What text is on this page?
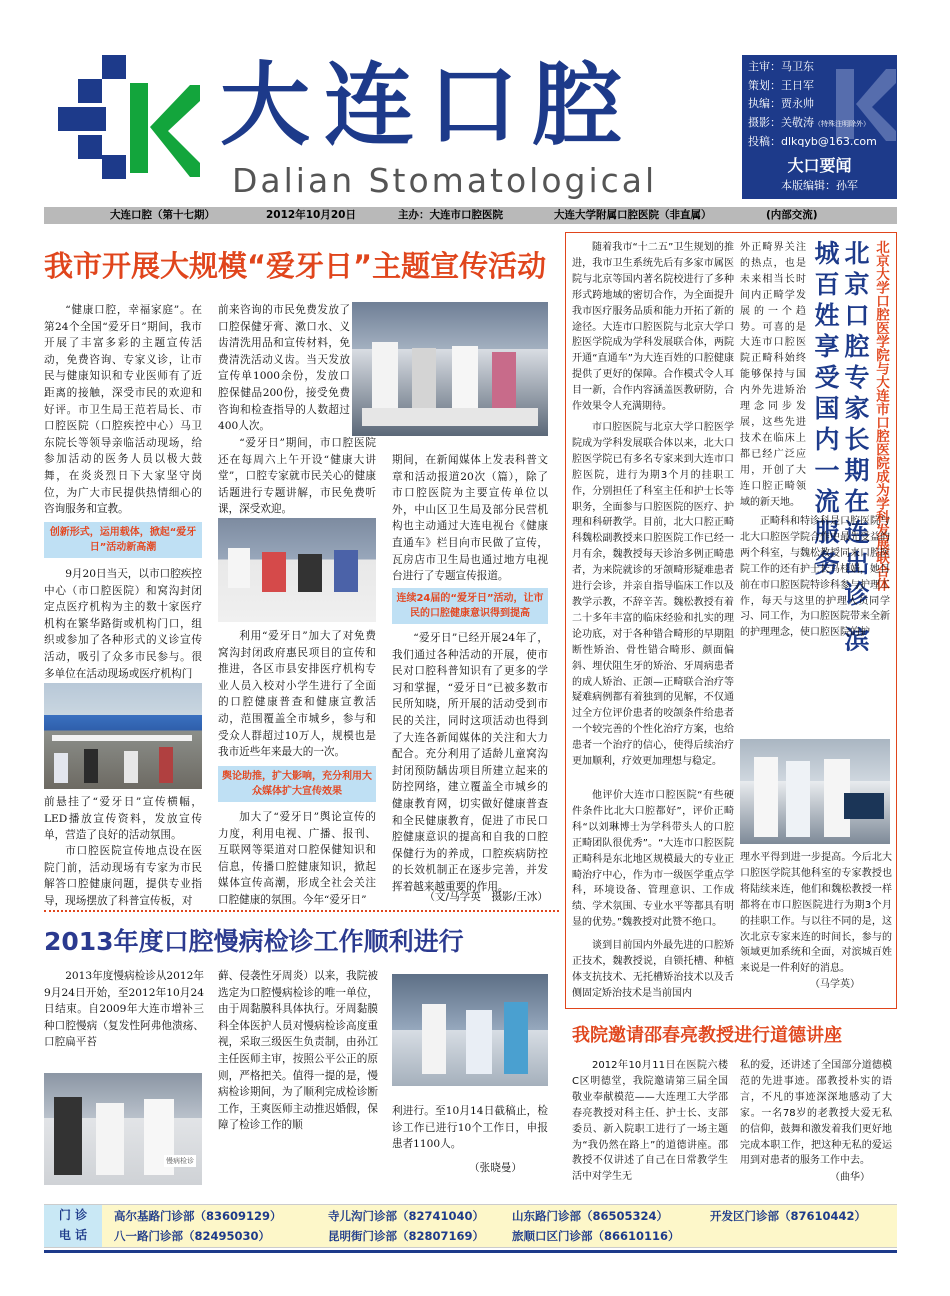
大连口腔
Dalian Stomatological
主审：马卫东
策划：王日军
执编：贾永帅
摄影：关敬涛（特殊注明除外）
投稿：dlkqyb@163.com
大口要闻
本版编辑：孙军
大连口腔（第十七期）	2012年10月20日	主办：大连市口腔医院	大连大学附属口腔医院（非直属）	(内部交流)
我市开展大规模“爱牙日”主题宣传活动

“健康口腔，幸福家庭”。在第24个全国“爱牙日”期间，我市开展了丰富多彩的主题宣传活动，免费咨询、专家义诊，让市民与健康知识和专业医师有了近距离的接触，深受市民的欢迎和好评。市卫生局王范若局长、市口腔医院（口腔疾控中心）马卫东院长等领导亲临活动现场，给参加活动的医务人员以极大鼓舞，在炎炎烈日下大家坚守岗位，为广大市民提供热情细心的咨询服务和宣教。

创新形式，运用载体，掀起“爱牙日”活动新高潮

9月20日当天，以市口腔疾控中心（市口腔医院）和窝沟封闭定点医疗机构为主的数十家医疗机构在繁华路街或机构门口，组织或参加了各种形式的义诊宣传活动，吸引了众多市民参与。很多单位在活动现场或医疗机构门

前悬挂了“爱牙日”宣传横幅，LED播放宣传资料，发放宣传单，营造了良好的活动氛围。

市口腔医院宣传地点设在医院门前，活动现场有专家为市民解答口腔健康问题，提供专业指导，现场摆放了科普宣传板，对

前来咨询的市民免费发放了口腔保健牙膏、漱口水、义齿清洗用品和宣传材料，免费清洗活动义齿。当天发放宣传单1000余份，发放口腔保健品200份，接受免费咨询和检查指导的人数超过400人次。

“爱牙日”期间，市口腔医院还在每周六上午开设“健康大讲堂”，口腔专家就市民关心的健康话题进行专题讲解，市民免费听课，深受欢迎。

利用“爱牙日”加大了对免费窝沟封闭政府惠民项目的宣传和推进，各区市县安排医疗机构专业人员入校对小学生进行了全面的口腔健康普查和健康宣教活动，范围覆盖全市城乡，参与和受众人群超过10万人，规模也是我市近些年来最大的一次。

舆论助推，扩大影响，充分利用大众媒体扩大宣传效果

加大了“爱牙日”舆论宣传的力度，利用电视、广播、报刊、互联网等渠道对口腔保健知识和信息，传播口腔健康知识，掀起媒体宣传高潮，形成全社会关注口腔健康的氛围。今年“爱牙日”

期间，在新闻媒体上发表科普文章和活动报道20次（篇），除了市口腔医院为主要宣传单位以外，中山区卫生局及部分民营机构也主动通过大连电视台《健康直通车》栏目向市民做了宣传，瓦房店市卫生局也通过地方电视台进行了专题宣传报道。
连续24届的“爱牙日”活动，让市民的口腔健康意识得到提高

“爱牙日”已经开展24年了，我们通过各种活动的开展，使市民对口腔科普知识有了更多的学习和掌握，“爱牙日”已被多数市民所知晓，所开展的活动受到市民的关注，同时这项活动也得到了大连各新闻媒体的关注和大力配合。充分利用了适龄儿童窝沟封闭预防龋齿项目所建立起来的防控网络，建立覆盖全市城乡的健康教育网，切实做好健康普查和全民健康教育，促进了市民口腔健康意识的提高和自我的口腔保健行为的养成，口腔疾病防控的长效机制正在逐步完善，并发挥着越来越重要的作用。

（文/马学英　摄影/王冰）
2013年度口腔慢病检诊工作顺利进行

2013年度慢病检诊从2012年9月24日开始，至2012年10月24日结束。自2009年大连市增补三种口腔慢病（复发性阿弗他溃疡、口腔扁平苔

慢病检诊
藓、侵袭性牙周炎）以来，我院被选定为口腔慢病检诊的唯一单位，由于周黏膜科具体执行。牙周黏膜科全体医护人员对慢病检诊高度重视，采取三级医生负责制，由孙江主任医师主审，按照公平公正的原则，严格把关。值得一提的是，慢病检诊期间，为了顺利完成检诊断工作，王爽医师主动推迟婚假，保障了检诊工作的顺
利进行。至10月14日截稿止，检诊工作已进行10个工作日，申报患者1100人。
（张晓曼）

随着我市“十二五”卫生规划的推进，我市卫生系统先后有多家市属医院与北京等国内著名院校进行了多种形式跨地域的密切合作，为全面提升我市医疗服务品质和能力开拓了新的途径。大连市口腔医院与北京大学口腔医学院成为学科发展联合体，两院开通“直通车”为大连百姓的口腔健康提供了更好的保障。合作模式令人耳目一新，合作内容涵盖医教研防，合作效果令人充满期待。

市口腔医院与北京大学口腔医学院成为学科发展联合体以来，北大口腔医学院已有多名专家来到大连市口腔医院，进行为期3个月的挂职工作，分别担任了科室主任和护士长等职务，全面参与口腔医院的医疗、护理和科研教学。目前，北大口腔正畸科魏松副教授来口腔医院工作已经一月有余，魏教授每天诊治多例正畸患者，为来院就诊的牙颌畸形疑难患者进行会诊，并亲自指导临床工作以及教学示教，不辞辛苦。魏松教授有着二十多年丰富的临床经验和扎实的理论功底，对于各种错合畸形的早期阻断性矫治、骨性错合畸形、颜面偏斜、埋伏阻生牙的矫治、牙周病患者的成人矫治、正颌—正畸联合治疗等疑难病例都有着独到的见解，不仅通过全方位评价患者的咬颌条件给患者一个较完善的个性化治疗方案，也给患者一个治疗的信心，使得后续治疗更加顺利，疗效更加理想与稳定。

他评价大连市口腔医院“有些硬件条件比北大口腔都好”，评价正畸科“以刘琳博士为学科带头人的口腔正畸团队很优秀”。“大连市口腔医院正畸科是东北地区规模最大的专业正畸治疗中心，作为市一级医学重点学科，环境设备、管理意识、工作成绩、学术氛围、专业水平等都具有明显的优势。”魏教授对此赞不绝口。

谈到目前国内外最先进的口腔矫正技术，魏教授说，自锁托槽、种植体支抗技术、无托槽矫治技术以及舌侧固定矫治技术是当前国内

外正畸界关注的热点，也是未来相当长时间内正畸学发展的一个趋势。可喜的是大连市口腔医院正畸科始终能够保持与国内外先进矫治理念同步发展，这些先进技术在临床上都已经广泛应用，开创了大连口腔正畸领域的新天地。	北京口腔专家长期在连出诊 滨城百姓享受国内一流服务	北京大学口腔医学院与大连市口腔医院成为学科发展联合体

正畸科和特诊科是口腔医院与北大口腔医学院合作中最先受益的两个科室，与魏松教授同来口腔医院工作的还有护士长马桂娟，她目前在市口腔医院特诊科参与护理工作，每天与这里的护理人员同学习、同工作，为口腔医院带来全新的护理理念，使口腔医院的护

理水平得到进一步提高。今后北大口腔医学院其他科室的专家教授也将陆续来连，他们和魏松教授一样都将在市口腔医院进行为期3个月的挂职工作。与以往不同的是，这次北京专家来连的时间长，参与的领域更加系统和全面，对滨城百姓来说是一件利好的消息。
（马学英）
我院邀请邵春亮教授进行道德讲座

2012年10月11日在医院六楼C区明德堂，我院邀请第三届全国敬业奉献模范——大连理工大学邵春亮教授对科主任、护士长、支部委员、新入院职工进行了一场主题为“我仍然在路上”的道德讲座。邵教授不仅讲述了自己在日常教学生活中对学生无

私的爱，还讲述了全国部分道德模范的先进事迹。邵教授朴实的语言，不凡的事迹深深地感动了大家。一名78岁的老教授大爱无私的信仰，鼓舞和激发着我们更好地完成本职工作，把这种无私的爱运用到对患者的服务工作中去。
（曲华）
门 诊
电 话
高尔基路门诊部（83609129）	寺儿沟门诊部（82741040） 山东路门诊部（86505324）	开发区门诊部（87610442）
八一路门诊部（82495030）	昆明街门诊部（82807169） 旅顺口区门诊部（86610116）
